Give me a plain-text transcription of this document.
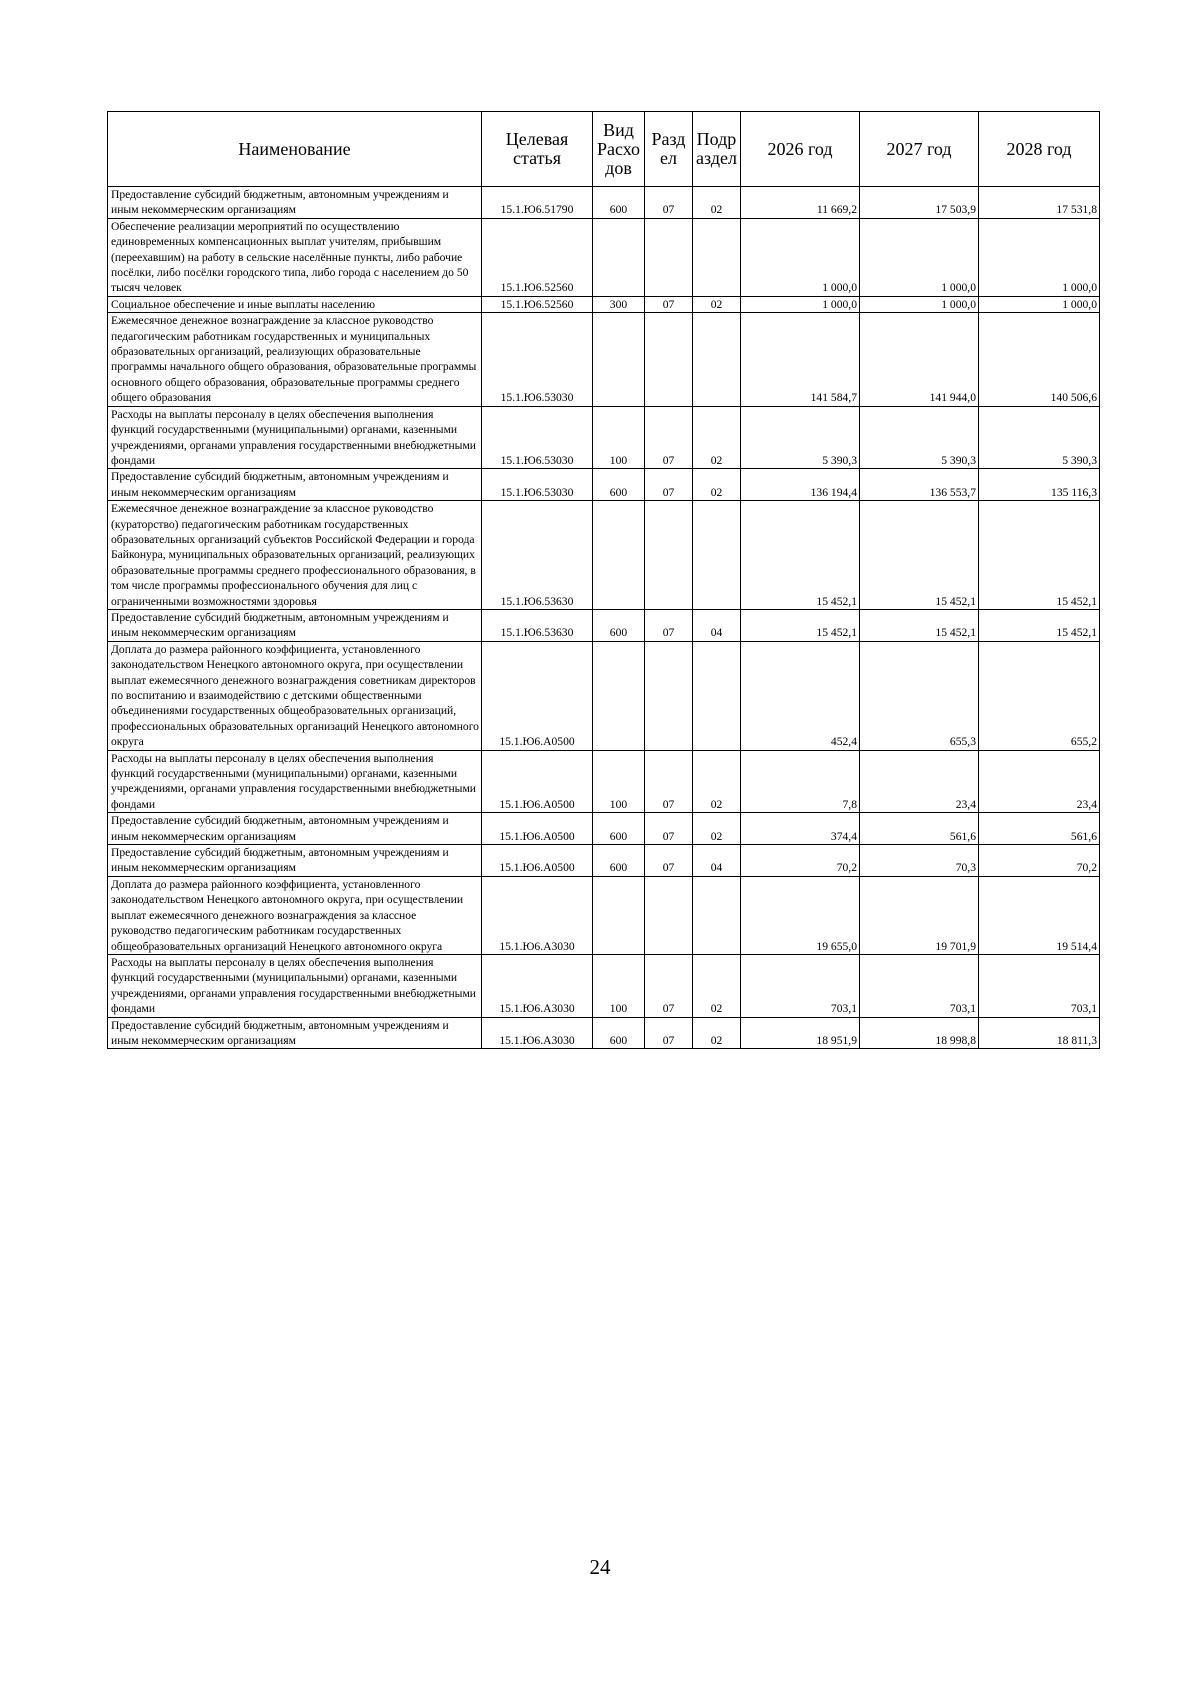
Наименование	Целевая статья	Вид Расхо дов	Разд ел	Подр аздел	2026 год	2027 год	2028 год
Предоставление субсидий бюджетным, автономным учреждениям и иным некоммерческим организациям	15.1.Ю6.51790	600	07	02	11 669,2	17 503,9	17 531,8
Обеспечение реализации мероприятий по осуществлению единовременных компенсационных выплат учителям, прибывшим (переехавшим) на работу в сельские населённые пункты, либо рабочие посёлки, либо посёлки городского типа, либо города с населением до 50 тысяч человек	15.1.Ю6.52560				1 000,0	1 000,0	1 000,0
Социальное обеспечение и иные выплаты населению	15.1.Ю6.52560	300	07	02	1 000,0	1 000,0	1 000,0
Ежемесячное денежное вознаграждение за классное руководство педагогическим работникам государственных и муниципальных образовательных организаций, реализующих образовательные программы начального общего образования, образовательные программы основного общего образования, образовательные программы среднего общего образования	15.1.Ю6.53030				141 584,7	141 944,0	140 506,6
Расходы на выплаты персоналу в целях обеспечения выполнения функций государственными (муниципальными) органами, казенными учреждениями, органами управления государственными внебюджетными фондами	15.1.Ю6.53030	100	07	02	5 390,3	5 390,3	5 390,3
Предоставление субсидий бюджетным, автономным учреждениям и иным некоммерческим организациям	15.1.Ю6.53030	600	07	02	136 194,4	136 553,7	135 116,3
Ежемесячное денежное вознаграждение за классное руководство (кураторство) педагогическим работникам государственных образовательных организаций субъектов Российской Федерации и города Байконура, муниципальных образовательных организаций, реализующих образовательные программы среднего профессионального образования, в том числе программы профессионального обучения для лиц с ограниченными возможностями здоровья	15.1.Ю6.53630				15 452,1	15 452,1	15 452,1
Предоставление субсидий бюджетным, автономным учреждениям и иным некоммерческим организациям	15.1.Ю6.53630	600	07	04	15 452,1	15 452,1	15 452,1
Доплата до размера районного коэффициента, установленного законодательством Ненецкого автономного округа, при осуществлении выплат ежемесячного денежного вознаграждения советникам директоров по воспитанию и взаимодействию с детскими общественными объединениями государственных общеобразовательных организаций, профессиональных образовательных организаций Ненецкого автономного округа	15.1.Ю6.А0500				452,4	655,3	655,2
Расходы на выплаты персоналу в целях обеспечения выполнения функций государственными (муниципальными) органами, казенными учреждениями, органами управления государственными внебюджетными фондами	15.1.Ю6.А0500	100	07	02	7,8	23,4	23,4
Предоставление субсидий бюджетным, автономным учреждениям и иным некоммерческим организациям	15.1.Ю6.А0500	600	07	02	374,4	561,6	561,6
Предоставление субсидий бюджетным, автономным учреждениям и иным некоммерческим организациям	15.1.Ю6.А0500	600	07	04	70,2	70,3	70,2
Доплата до размера районного коэффициента, установленного законодательством Ненецкого автономного округа, при осуществлении выплат ежемесячного денежного вознаграждения за классное руководство педагогическим работникам государственных общеобразовательных организаций Ненецкого автономного округа	15.1.Ю6.А3030				19 655,0	19 701,9	19 514,4
Расходы на выплаты персоналу в целях обеспечения выполнения функций государственными (муниципальными) органами, казенными учреждениями, органами управления государственными внебюджетными фондами	15.1.Ю6.А3030	100	07	02	703,1	703,1	703,1
Предоставление субсидий бюджетным, автономным учреждениям и иным некоммерческим организациям	15.1.Ю6.А3030	600	07	02	18 951,9	18 998,8	18 811,3
24
